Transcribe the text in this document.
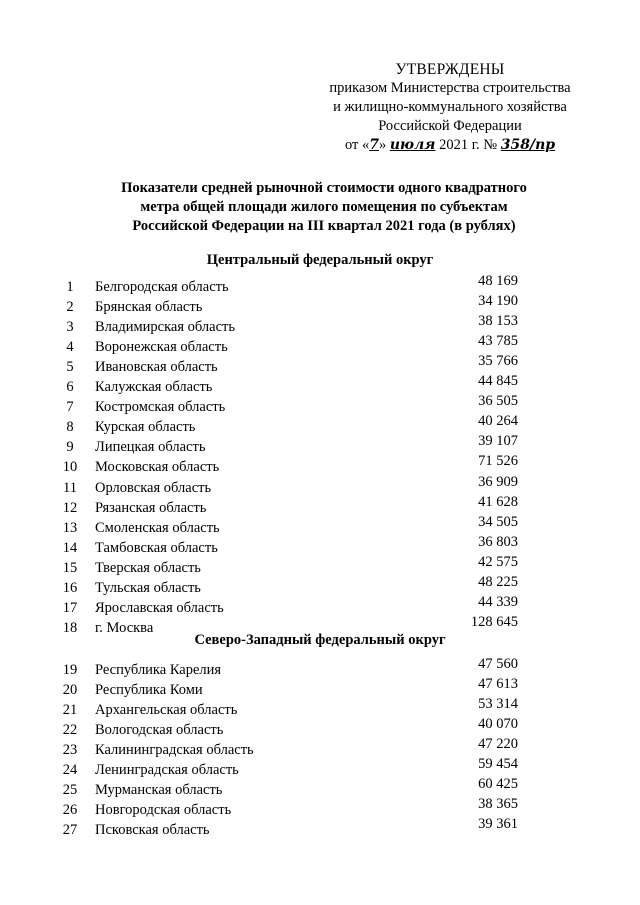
УТВЕРЖДЕНЫ
приказом Министерства строительства
и жилищно-коммунального хозяйства
Российской Федерации
от «7» июля 2021 г. № 358/пр
Показатели средней рыночной стоимости одного квадратного
метра общей площади жилого помещения по субъектам
Российской Федерации на III квартал 2021 года (в рублях)
Центральный федеральный округ
1	Белгородская область	48 169
2	Брянская область	34 190
3	Владимирская область	38 153
4	Воронежская область	43 785
5	Ивановская область	35 766
6	Калужская область	44 845
7	Костромская область	36 505
8	Курская область	40 264
9	Липецкая область	39 107
10	Московская область	71 526
11	Орловская область	36 909
12	Рязанская область	41 628
13	Смоленская область	34 505
14	Тамбовская область	36 803
15	Тверская область	42 575
16	Тульская область	48 225
17	Ярославская область	44 339
18	г. Москва	128 645
Северо-Западный федеральный округ
19	Республика Карелия	47 560
20	Республика Коми	47 613
21	Архангельская область	53 314
22	Вологодская область	40 070
23	Калининградская область	47 220
24	Ленинградская область	59 454
25	Мурманская область	60 425
26	Новгородская область	38 365
27	Псковская область	39 361
